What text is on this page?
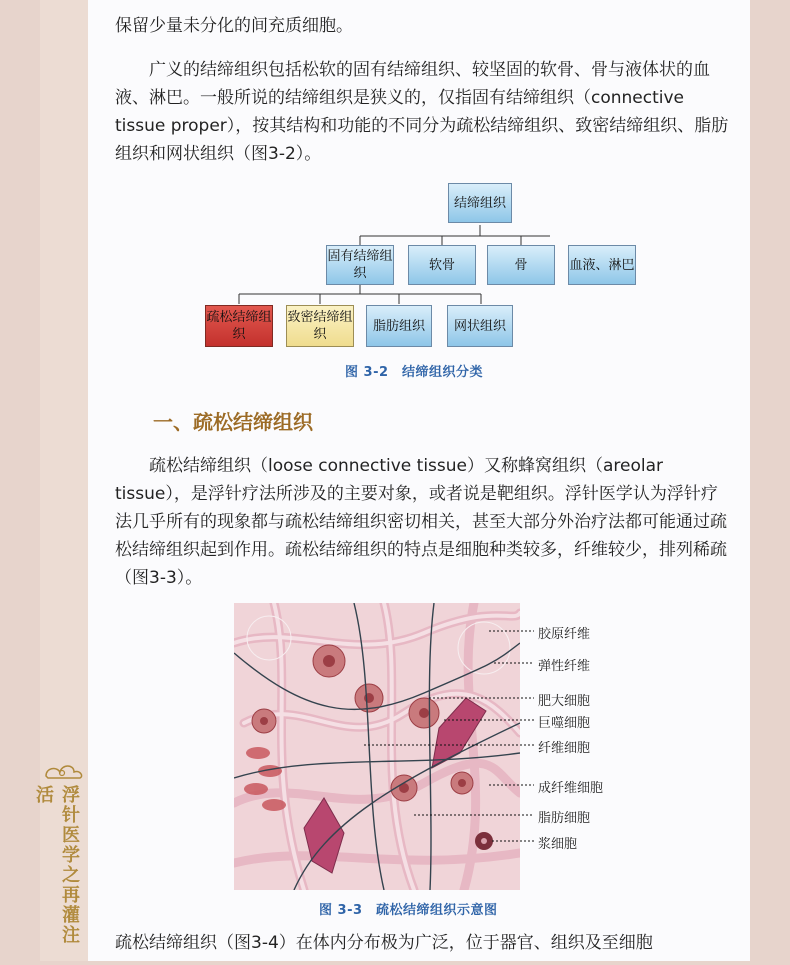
浮针医学之再灌注活
保留少量未分化的间充质细胞。
广义的结缔组织包括松软的固有结缔组织、较坚固的软骨、骨与液体状的血液、淋巴。一般所说的结缔组织是狭义的，仅指固有结缔组织（connective tissue proper），按其结构和功能的不同分为疏松结缔组织、致密结缔组织、脂肪组织和网状组织（图3-2）。
结缔组织
固有结缔组织
软骨	骨	血液、淋巴
疏松结缔组织
致密结缔组织
脂肪组织	网状组织
图 3-2　结缔组织分类
一、疏松结缔组织
疏松结缔组织（loose connective tissue）又称蜂窝组织（areolar tissue），是浮针疗法所涉及的主要对象，或者说是靶组织。浮针医学认为浮针疗法几乎所有的现象都与疏松结缔组织密切相关，甚至大部分外治疗法都可能通过疏松结缔组织起到作用。疏松结缔组织的特点是细胞种类较多，纤维较少，排列稀疏（图3-3）。
胶原纤维
弹性纤维
肥大细胞
巨噬细胞
纤维细胞
成纤维细胞
脂肪细胞
浆细胞
图 3-3　疏松结缔组织示意图
疏松结缔组织（图3-4）在体内分布极为广泛，位于器官、组织及至细胞
